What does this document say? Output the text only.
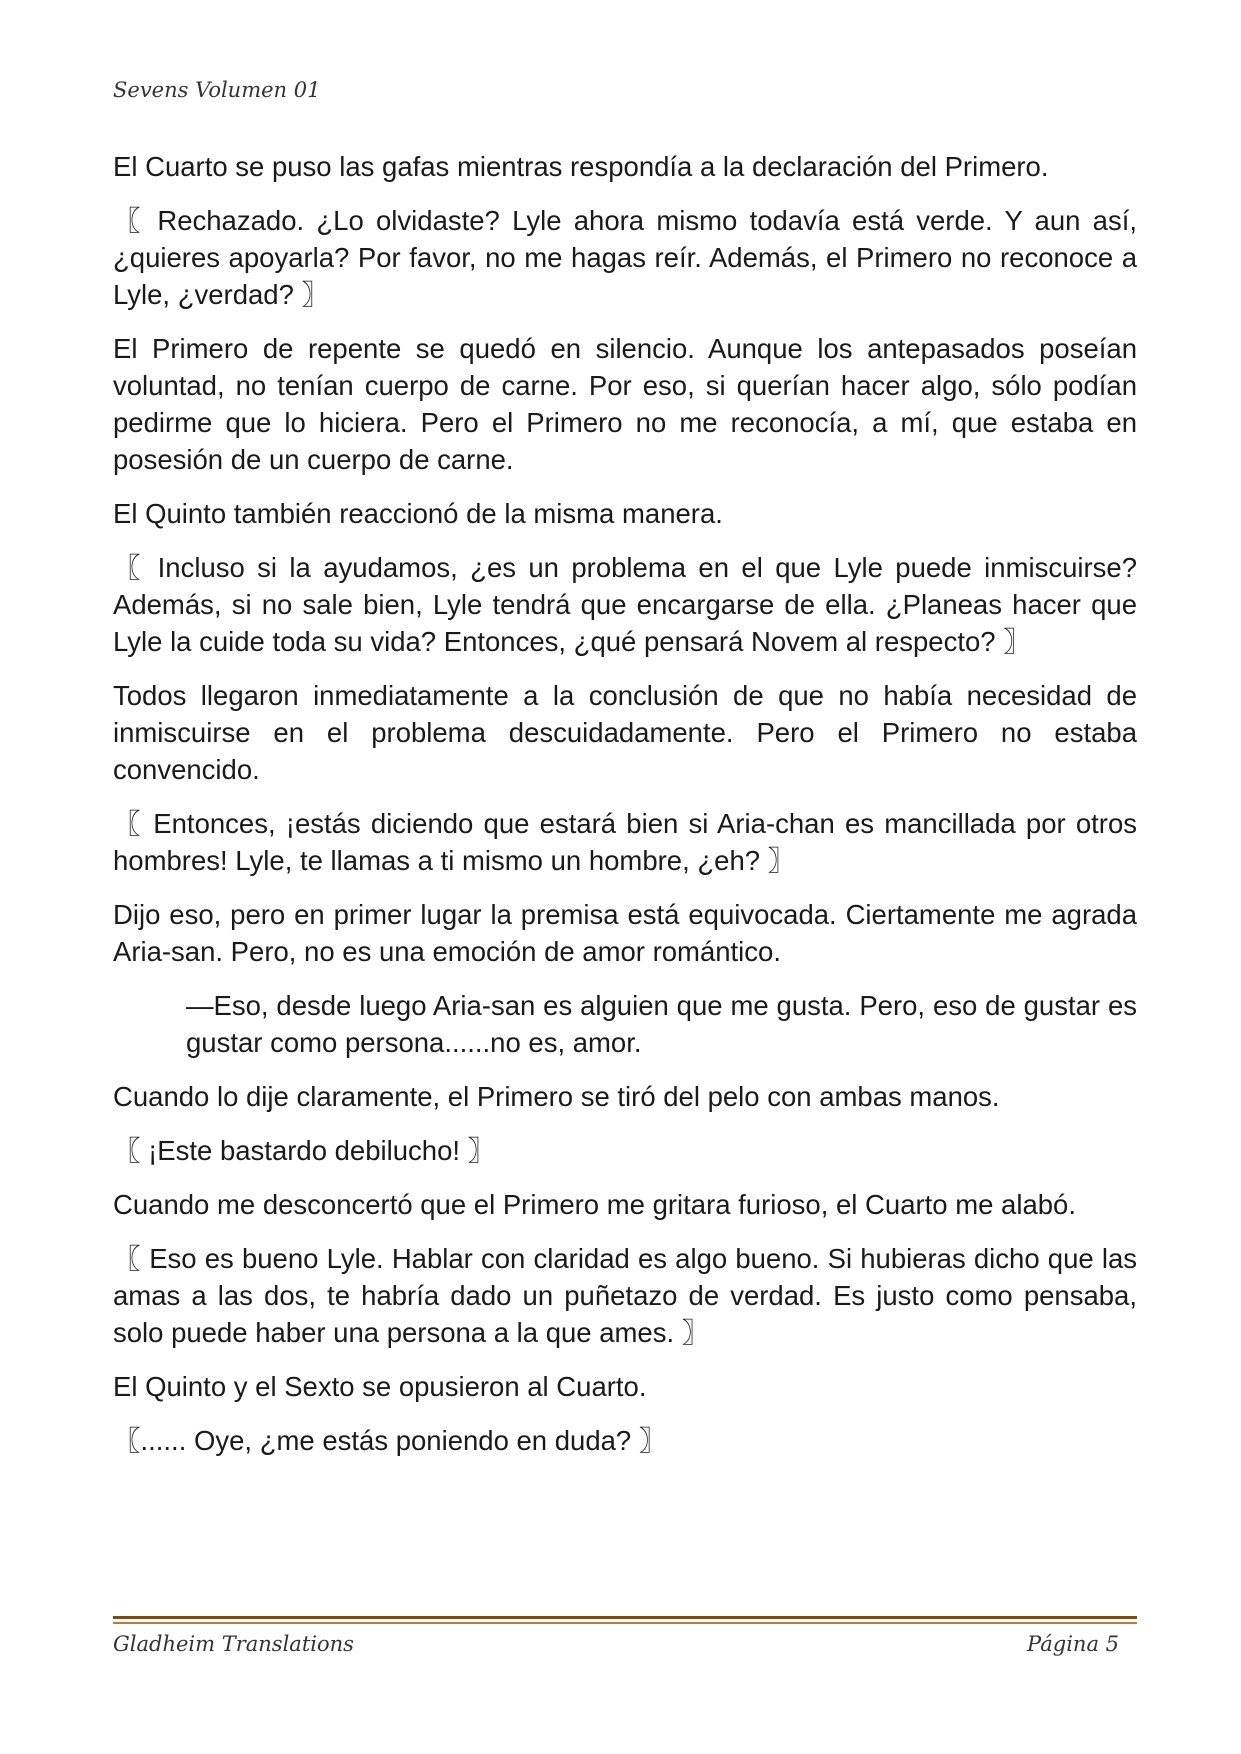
Sevens Volumen 01

El Cuarto se puso las gafas mientras respondía a la declaración del Primero.

〖 Rechazado. ¿Lo olvidaste? Lyle ahora mismo todavía está verde. Y aun así, ¿quieres apoyarla? Por favor, no me hagas reír. Además, el Primero no reconoce a Lyle, ¿verdad? 〗

El Primero de repente se quedó en silencio. Aunque los antepasados poseían voluntad, no tenían cuerpo de carne. Por eso, si querían hacer algo, sólo podían pedirme que lo hiciera. Pero el Primero no me reconocía, a mí, que estaba en posesión de un cuerpo de carne.

El Quinto también reaccionó de la misma manera.

〖 Incluso si la ayudamos, ¿es un problema en el que Lyle puede inmiscuirse? Además, si no sale bien, Lyle tendrá que encargarse de ella. ¿Planeas hacer que Lyle la cuide toda su vida? Entonces, ¿qué pensará Novem al respecto? 〗

Todos llegaron inmediatamente a la conclusión de que no había necesidad de inmiscuirse en el problema descuidadamente. Pero el Primero no estaba convencido.

〖 Entonces, ¡estás diciendo que estará bien si Aria-chan es mancillada por otros hombres! Lyle, te llamas a ti mismo un hombre, ¿eh? 〗

Dijo eso, pero en primer lugar la premisa está equivocada. Ciertamente me agrada Aria-san. Pero, no es una emoción de amor romántico.

—Eso, desde luego Aria-san es alguien que me gusta. Pero, eso de gustar es gustar como persona......no es, amor.

Cuando lo dije claramente, el Primero se tiró del pelo con ambas manos.

〖 ¡Este bastardo debilucho! 〗

Cuando me desconcertó que el Primero me gritara furioso, el Cuarto me alabó.

〖 Eso es bueno Lyle. Hablar con claridad es algo bueno. Si hubieras dicho que las amas a las dos, te habría dado un puñetazo de verdad. Es justo como pensaba, solo puede haber una persona a la que ames. 〗

El Quinto y el Sexto se opusieron al Cuarto.

〖...... Oye, ¿me estás poniendo en duda? 〗

Gladheim Translations	Página 5
